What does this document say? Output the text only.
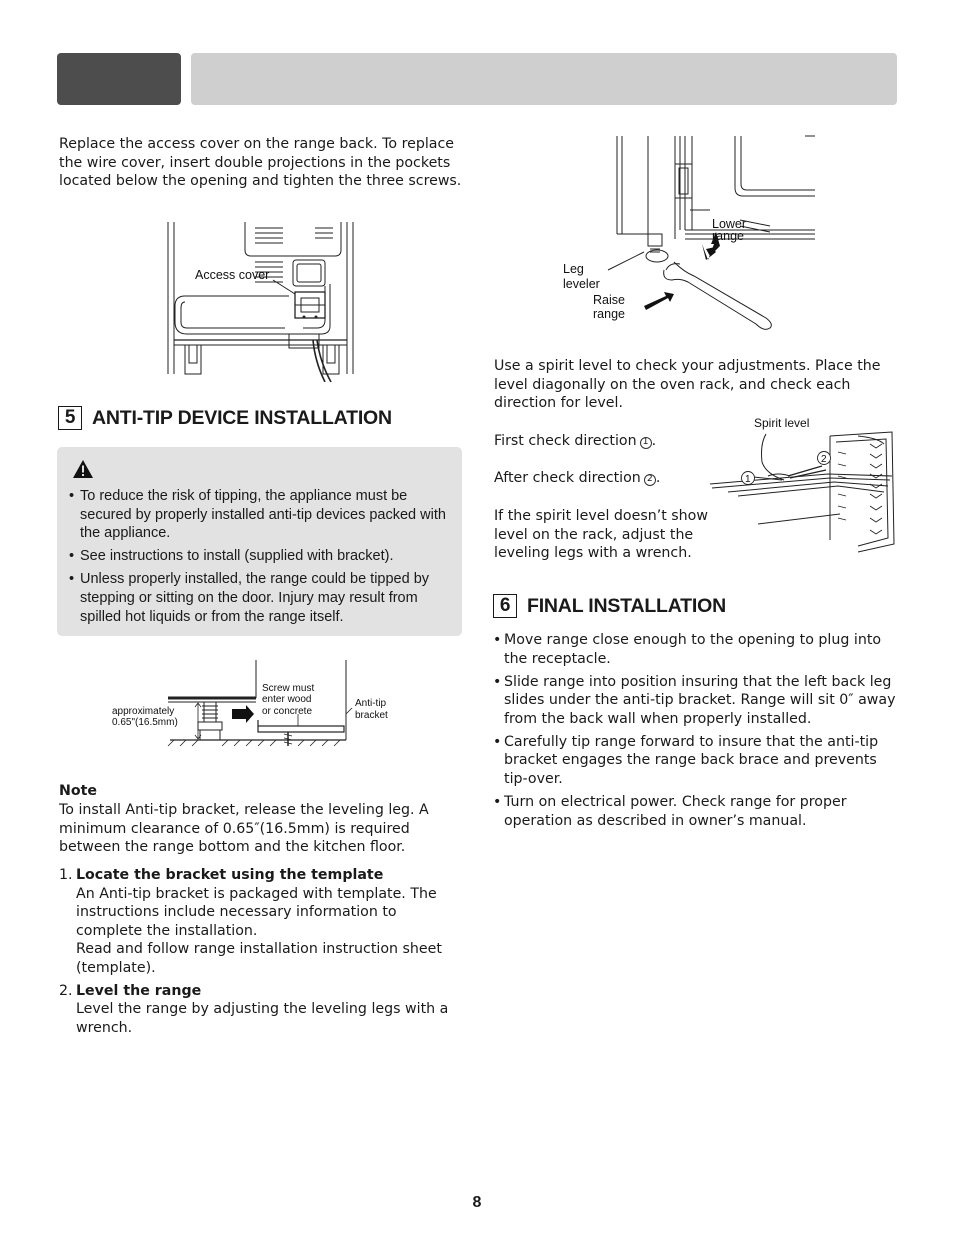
Replace the access cover on the range back. To replace the wire cover, insert double projections in the pockets located below the opening and tighten the three screws.

Access cover
5 ANTI-TIP DEVICE INSTALLATION
• To reduce the risk of tipping, the appliance must be secured by properly installed anti-tip devices packed with the appliance.
• See instructions to install (supplied with bracket).
• Unless properly installed, the range could be tipped by stepping or sitting on the door. Injury may result from spilled hot liquids or from the range itself.
Screw must
enter wood
or concrete
approximately
0.65"(16.5mm)
Anti-tip
bracket

Note

To install Anti-tip bracket, release the leveling leg. A minimum clearance of 0.65″(16.5mm) is required between the range bottom and the kitchen floor.

1. Locate the bracket using the template
An Anti-tip bracket is packaged with template. The instructions include necessary information to complete the installation.
Read and follow range installation instruction sheet (template).
2. Level the range
Level the range by adjusting the leveling legs with a wrench.
Lower
range
Leg
leveler
Raise
range

Use a spirit level to check your adjustments. Place the level diagonally on the oven rack, and check each direction for level.

First check direction 1 .

After check direction 2 .

If the spirit level doesn’t show level on the rack, adjust the leveling legs with a wrench.

1
2
Spirit level
6 FINAL INSTALLATION
• Move range close enough to the opening to plug into the receptacle.
• Slide range into position insuring that the left back leg slides under the anti-tip bracket. Range will sit 0″ away from the back wall when properly installed.
• Carefully tip range forward to insure that the anti-tip bracket engages the range back brace and prevents tip-over.
• Turn on electrical power. Check range for proper operation as described in owner’s manual.
8
